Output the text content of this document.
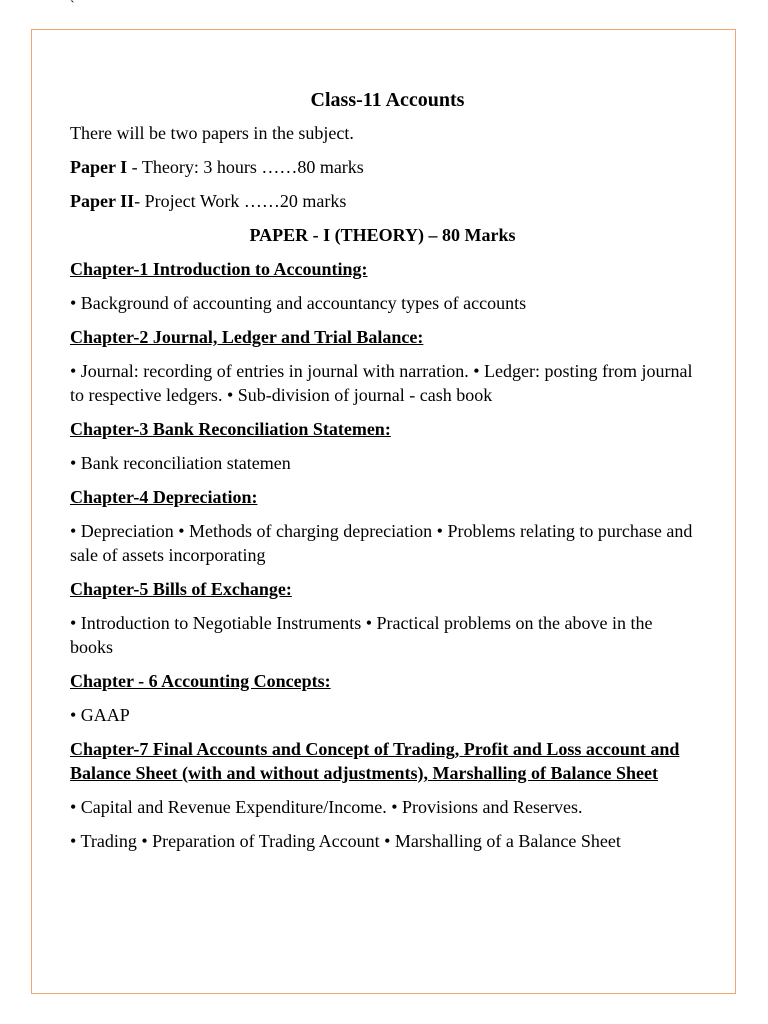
`
Class-11 Accounts
There will be two papers in the subject.
Paper I - Theory: 3 hours ……80 marks
Paper II- Project Work ……20 marks
PAPER - I (THEORY) – 80 Marks
Chapter-1 Introduction to Accounting:
• Background of accounting and accountancy types of accounts
Chapter-2 Journal, Ledger and Trial Balance:
• Journal: recording of entries in journal with narration. • Ledger: posting from journal to respective ledgers. • Sub-division of journal - cash book
Chapter-3 Bank Reconciliation Statemen:
• Bank reconciliation statemen
Chapter-4 Depreciation:
• Depreciation • Methods of charging depreciation • Problems relating to purchase and sale of assets incorporating
Chapter-5 Bills of Exchange:
• Introduction to Negotiable Instruments • Practical problems on the above in the books
Chapter - 6 Accounting Concepts:
• GAAP
Chapter-7 Final Accounts and Concept of Trading, Profit and Loss account and Balance Sheet (with and without adjustments), Marshalling of Balance Sheet
• Capital and Revenue Expenditure/Income. • Provisions and Reserves.
• Trading • Preparation of Trading Account • Marshalling of a Balance Sheet
